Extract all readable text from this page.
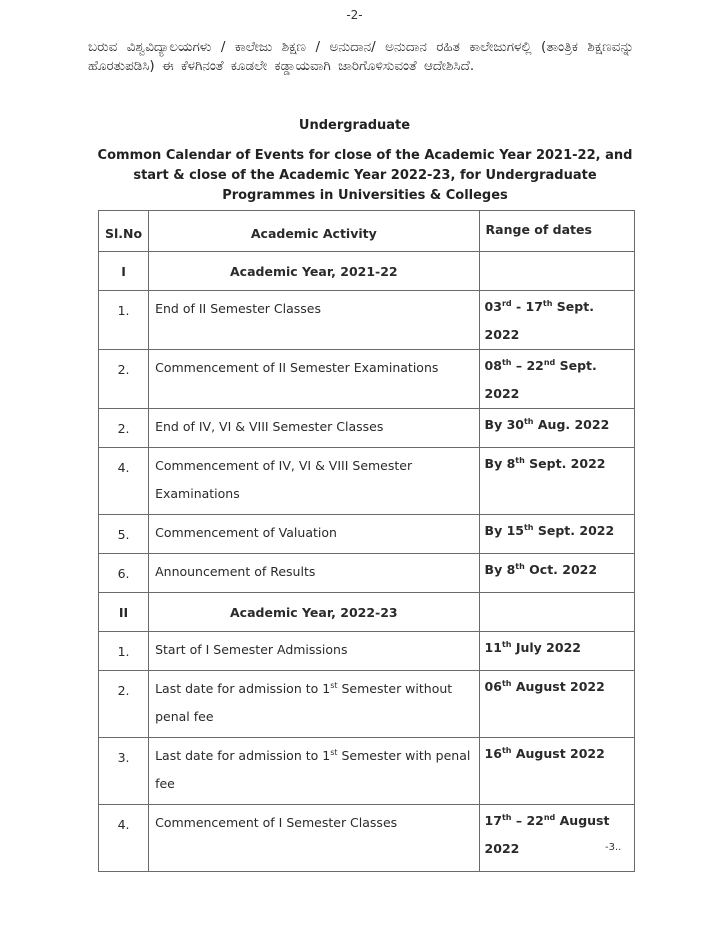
-2-
ಬರುವ ವಿಶ್ವವಿದ್ಯಾಲಯಗಳು / ಕಾಲೇಜು ಶಿಕ್ಷಣ / ಅನುದಾನ/ ಅನುದಾನ ರಹಿತ ಕಾಲೇಜುಗಳಲ್ಲಿ (ತಾಂತ್ರಿಕ ಶಿಕ್ಷಣವನ್ನು ಹೊರತುಪಡಿಸಿ) ಈ ಕೆಳಗಿನಂತೆ ಕೂಡಲೇ ಕಡ್ಡಾಯವಾಗಿ ಜಾರಿಗೊಳಿಸುವಂತೆ ಆದೇಶಿಸಿದೆ.
Undergraduate
Common Calendar of Events for close of the Academic Year 2021-22, and start & close of the Academic Year 2022-23, for Undergraduate Programmes in Universities & Colleges
Sl.No	Academic Activity	Range of dates

I	Academic Year, 2021-22	

1.	End of II Semester Classes	03rd - 17th Sept. 2022

2.	Commencement of II Semester Examinations	08th – 22nd Sept. 2022

2.	End of IV, VI & VIII Semester Classes	By 30th Aug. 2022

4.	Commencement of IV, VI & VIII Semester Examinations	By 8th Sept. 2022

5.	Commencement of Valuation	By 15th Sept. 2022

6.	Announcement of Results	By 8th Oct. 2022

II	Academic Year, 2022-23	

1.	Start of I Semester Admissions	11th July 2022

2.	Last date for admission to 1st Semester without penal fee	06th August 2022

3.	Last date for admission to 1st Semester with penal fee	16th August 2022

4.	Commencement of I Semester Classes	17th – 22nd August 2022	-3..
